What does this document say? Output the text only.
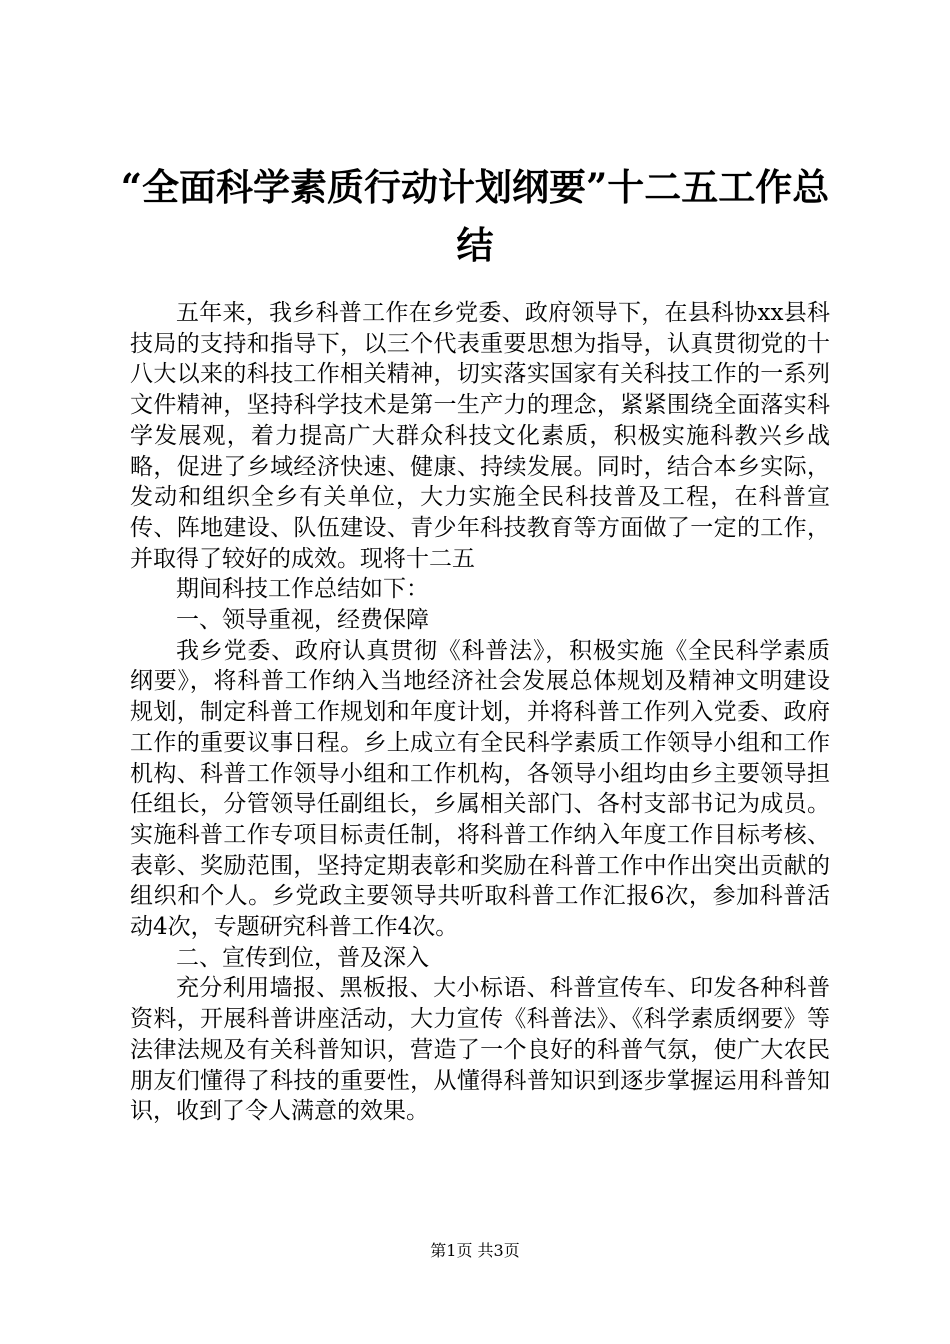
“全面科学素质行动计划纲要”十二五工作总结

五年来，我乡科普工作在乡党委、政府领导下，在县科协xx县科技局的支持和指导下，以三个代表重要思想为指导，认真贯彻党的十八大以来的科技工作相关精神，切实落实国家有关科技工作的一系列文件精神，坚持科学技术是第一生产力的理念，紧紧围绕全面落实科学发展观，着力提高广大群众科技文化素质，积极实施科教兴乡战略，促进了乡域经济快速、健康、持续发展。同时，结合本乡实际，发动和组织全乡有关单位，大力实施全民科技普及工程，在科普宣传、阵地建设、队伍建设、青少年科技教育等方面做了一定的工作，并取得了较好的成效。现将十二五

期间科技工作总结如下：

一、领导重视，经费保障

我乡党委、政府认真贯彻《科普法》，积极实施《全民科学素质纲要》，将科普工作纳入当地经济社会发展总体规划及精神文明建设规划，制定科普工作规划和年度计划，并将科普工作列入党委、政府工作的重要议事日程。乡上成立有全民科学素质工作领导小组和工作机构、科普工作领导小组和工作机构，各领导小组均由乡主要领导担任组长，分管领导任副组长，乡属相关部门、各村支部书记为成员。实施科普工作专项目标责任制，将科普工作纳入年度工作目标考核、表彰、奖励范围，坚持定期表彰和奖励在科普工作中作出突出贡献的组织和个人。乡党政主要领导共听取科普工作汇报6次，参加科普活动4次，专题研究科普工作4次。

二、宣传到位，普及深入

充分利用墙报、黑板报、大小标语、科普宣传车、印发各种科普资料，开展科普讲座活动，大力宣传《科普法》、《科学素质纲要》等法律法规及有关科普知识，营造了一个良好的科普气氛，使广大农民朋友们懂得了科技的重要性，从懂得科普知识到逐步掌握运用科普知识，收到了令人满意的效果。

第1页 共3页
